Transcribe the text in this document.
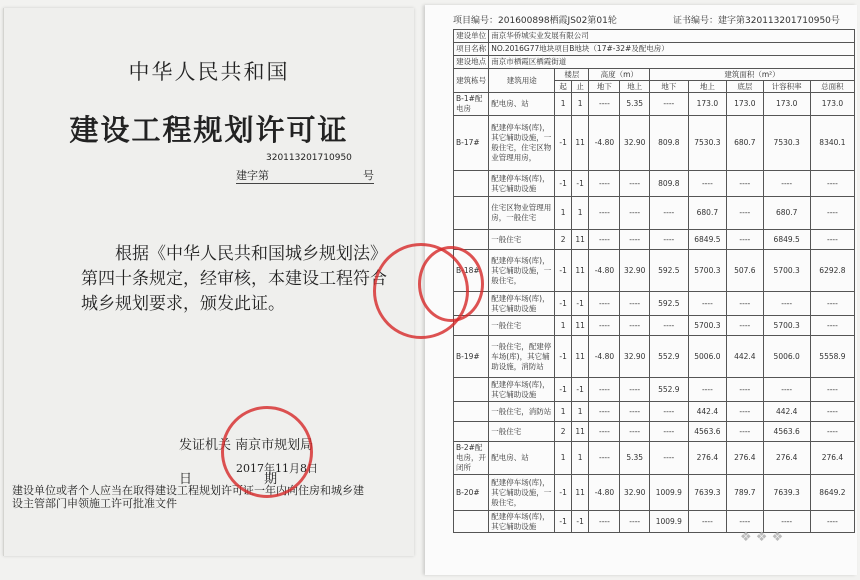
中华人民共和国
建设工程规划许可证
320113201710950
建字第	号
根据《中华人民共和国城乡规划法》第四十条规定，经审核，本建设工程符合城乡规划要求，颁发此证。
发证机关 南京市规划局
日 期
2017年11月8日
建设单位或者个人应当在取得建设工程规划许可证一年内向住房和城乡建设主管部门申领施工许可批准文件
项目编号：201600898栖霞JS02第01轮	证书编号：建字第320113201710950号
建设单位	南京华侨城实业发展有限公司									
项目名称	NO.2016G77地块项目B地块（17#-32#及配电房）									
建设地点	南京市栖霞区栖霞街道									
建筑栋号	建筑用途	楼层		高度（m）		建筑面积（m²）				
		起	止	地下	地上	地下	地上	底层	计容积率	总面积
B-1#配电房	配电房、站	1	1	----	5.35	----	173.0	173.0	173.0	173.0
B-17#	配建停车场(库)，其它辅助设施，一般住宅，住宅区物业管理用房，	-1	11	-4.80	32.90	809.8	7530.3	680.7	7530.3	8340.1
	配建停车场(库)，其它辅助设施	-1	-1	----	----	809.8	----	----	----	----
	住宅区物业管理用房，一般住宅	1	1	----	----	----	680.7	----	680.7	----
	一般住宅	2	11	----	----	----	6849.5	----	6849.5	----
B-18#	配建停车场(库)，其它辅助设施，一般住宅，	-1	11	-4.80	32.90	592.5	5700.3	507.6	5700.3	6292.8
	配建停车场(库)，其它辅助设施	-1	-1	----	----	592.5	----	----	----	----
	一般住宅	1	11	----	----	----	5700.3	----	5700.3	----
B-19#	一般住宅，配建停车场(库)，其它辅助设施，消防站	-1	11	-4.80	32.90	552.9	5006.0	442.4	5006.0	5558.9
	配建停车场(库)，其它辅助设施	-1	-1	----	----	552.9	----	----	----	----
	一般住宅，消防站	1	1	----	----	----	442.4	----	442.4	----
	一般住宅	2	11	----	----	----	4563.6	----	4563.6	----
B-2#配电房，开闭所	配电房、站	1	1	----	5.35	----	276.4	276.4	276.4	276.4
B-20#	配建停车场(库)，其它辅助设施，一般住宅，	-1	11	-4.80	32.90	1009.9	7639.3	789.7	7639.3	8649.2
	配建停车场(库)，其它辅助设施	-1	-1	----	----	1009.9	----	----	----	----
❖ ❖ ❖
